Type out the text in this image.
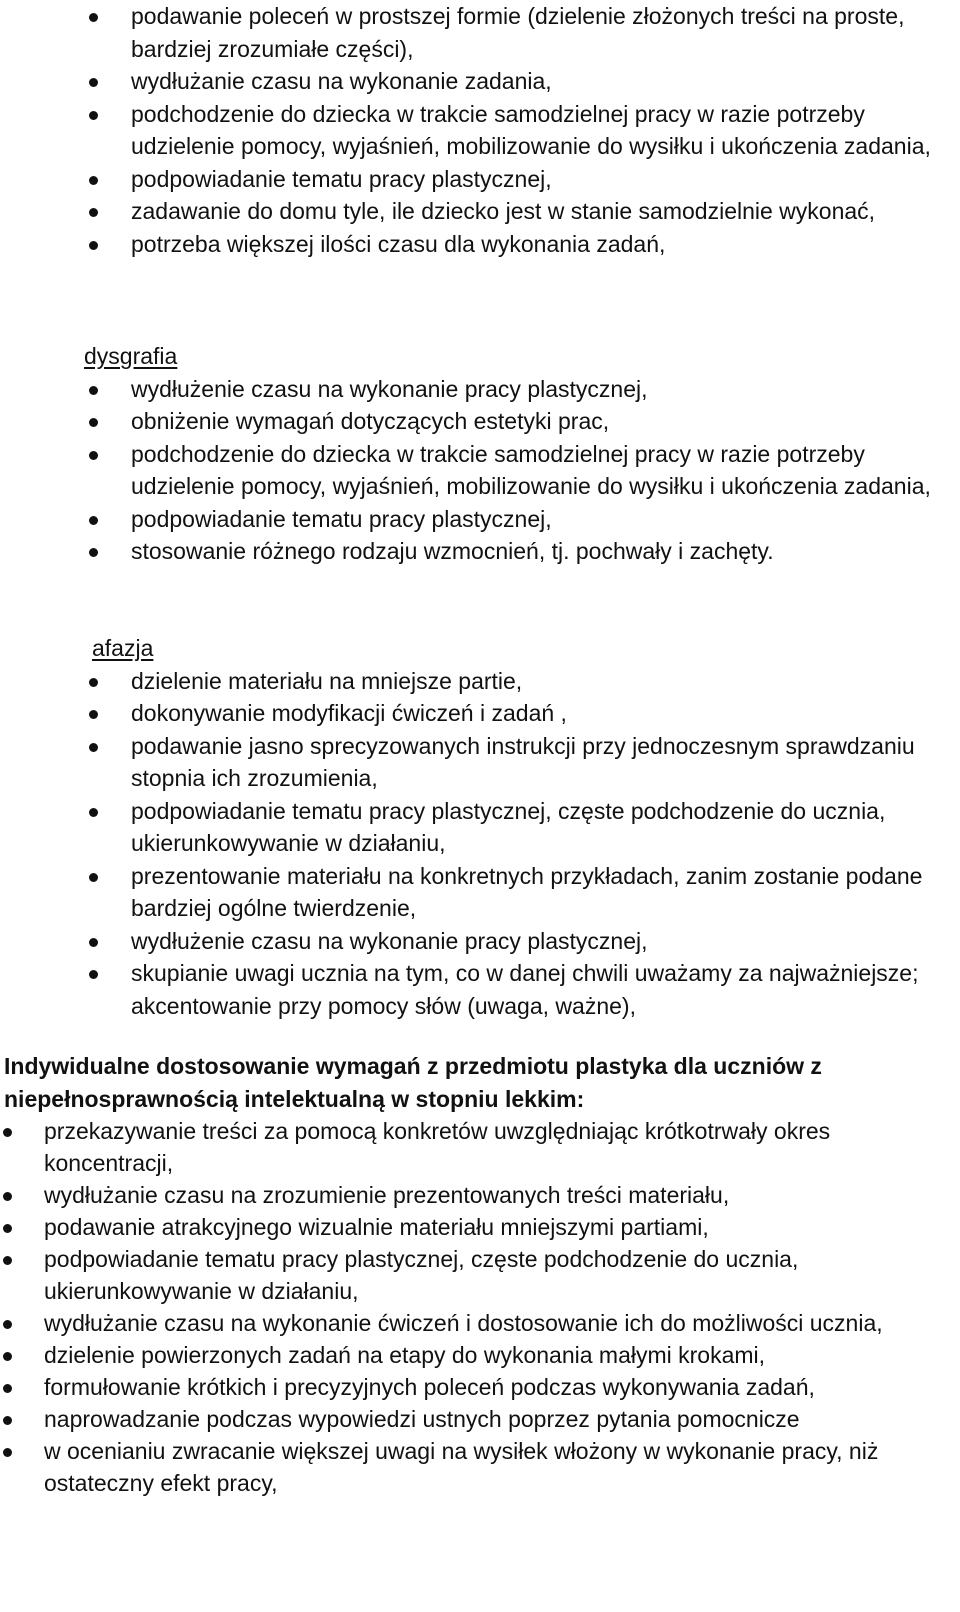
podawanie poleceń w prostszej formie (dzielenie złożonych treści na proste, bardziej zrozumiałe części),
wydłużanie czasu na wykonanie zadania,
podchodzenie do dziecka w trakcie samodzielnej pracy w razie potrzeby udzielenie pomocy, wyjaśnień, mobilizowanie do wysiłku i ukończenia zadania,
podpowiadanie tematu pracy plastycznej,
zadawanie do domu tyle, ile dziecko jest w stanie samodzielnie wykonać,
potrzeba większej ilości czasu dla wykonania zadań,
dysgrafia
wydłużenie czasu na wykonanie pracy plastycznej,
obniżenie wymagań dotyczących estetyki prac,
podchodzenie do dziecka w trakcie samodzielnej pracy w razie potrzeby udzielenie pomocy, wyjaśnień, mobilizowanie do wysiłku i ukończenia zadania,
podpowiadanie tematu pracy plastycznej,
stosowanie różnego rodzaju wzmocnień, tj. pochwały i zachęty.
afazja
dzielenie materiału na mniejsze partie,
dokonywanie modyfikacji ćwiczeń i zadań ,
podawanie jasno sprecyzowanych instrukcji przy jednoczesnym sprawdzaniu stopnia ich zrozumienia,
podpowiadanie tematu pracy plastycznej, częste podchodzenie do ucznia, ukierunkowywanie w działaniu,
prezentowanie materiału na konkretnych przykładach, zanim zostanie podane bardziej ogólne twierdzenie,
wydłużenie czasu na wykonanie pracy plastycznej,
skupianie uwagi ucznia na tym, co w danej chwili uważamy za najważniejsze; akcentowanie przy pomocy słów (uwaga, ważne),
Indywidualne dostosowanie wymagań z przedmiotu plastyka dla uczniów z niepełnosprawnością intelektualną w stopniu lekkim:
przekazywanie treści za pomocą konkretów uwzględniając krótkotrwały okres koncentracji,
wydłużanie czasu na zrozumienie prezentowanych treści materiału,
podawanie atrakcyjnego wizualnie materiału mniejszymi partiami,
podpowiadanie tematu pracy plastycznej, częste podchodzenie do ucznia, ukierunkowywanie w działaniu,
wydłużanie czasu na wykonanie ćwiczeń i dostosowanie ich do możliwości ucznia,
dzielenie powierzonych zadań na etapy do wykonania małymi krokami,
formułowanie krótkich i precyzyjnych poleceń podczas wykonywania zadań,
naprowadzanie podczas wypowiedzi ustnych poprzez pytania pomocnicze
w ocenianiu zwracanie większej uwagi na wysiłek włożony w wykonanie pracy, niż ostateczny efekt pracy,
